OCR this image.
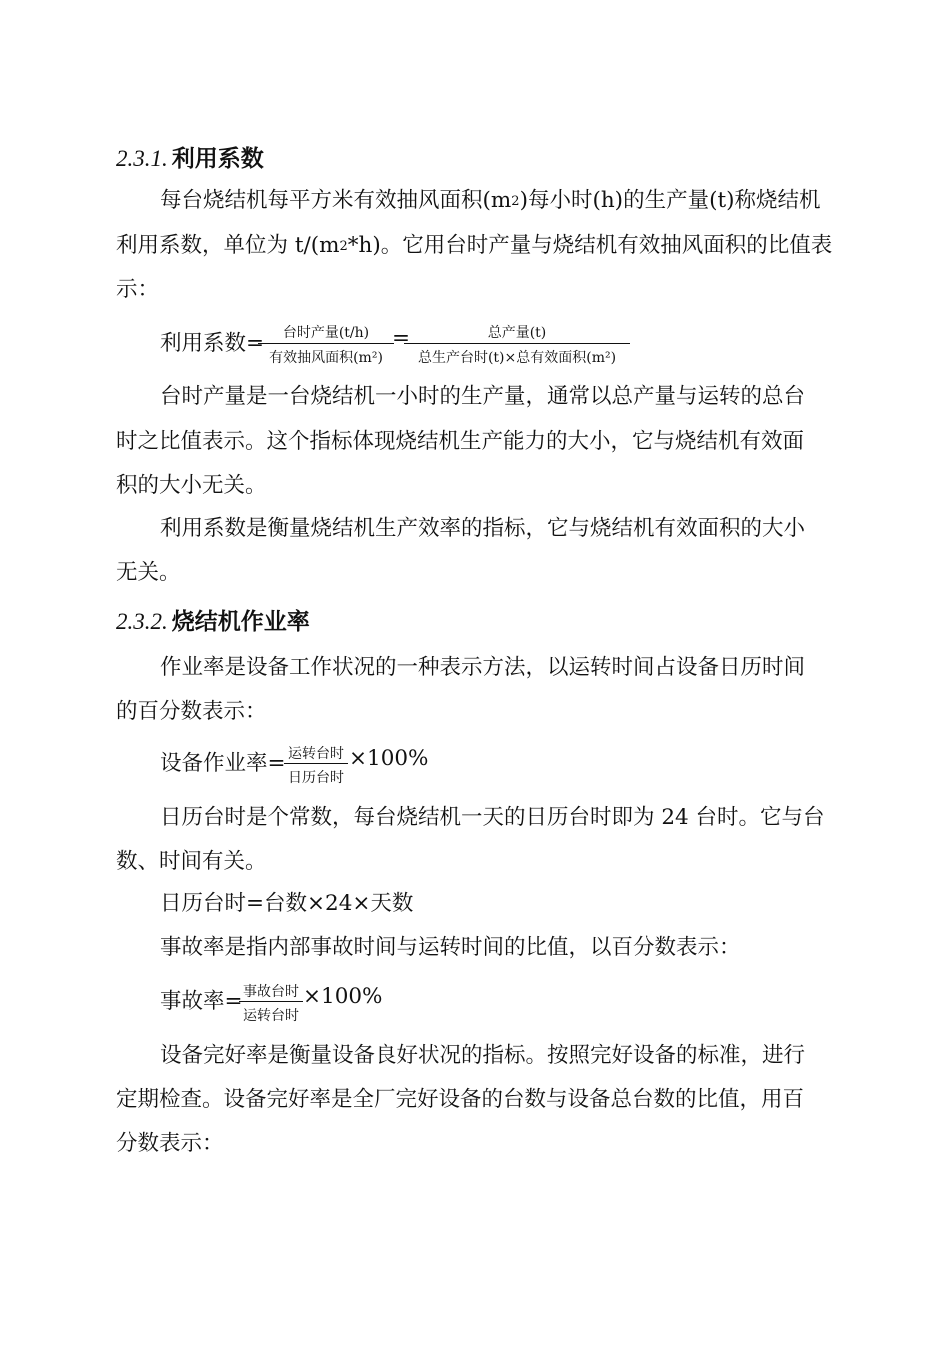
2.3.1. 利用系数
每台烧结机每平方米有效抽风面积(m2)每小时(h)的生产量(t)称烧结机
利用系数，单位为 t/(m2*h)。它用台时产量与烧结机有效抽风面积的比值表
示：
利用系数=	台时产量(t/h)
有效抽风面积(m²)
=	总产量(t)
总生产台时(t)×总有效面积(m²)
台时产量是一台烧结机一小时的生产量，通常以总产量与运转的总台
时之比值表示。这个指标体现烧结机生产能力的大小，它与烧结机有效面
积的大小无关。
利用系数是衡量烧结机生产效率的指标，它与烧结机有效面积的大小
无关。
2.3.2. 烧结机作业率
作业率是设备工作状况的一种表示方法，以运转时间占设备日历时间
的百分数表示：
设备作业率= 运转台时
日历台时
×100%
日历台时是个常数，每台烧结机一天的日历台时即为 24 台时。它与台
数、时间有关。
日历台时=台数×24×天数
事故率是指内部事故时间与运转时间的比值，以百分数表示：
事故率= 事故台时
运转台时
×100%
设备完好率是衡量设备良好状况的指标。按照完好设备的标准，进行
定期检查。设备完好率是全厂完好设备的台数与设备总台数的比值，用百
分数表示：
